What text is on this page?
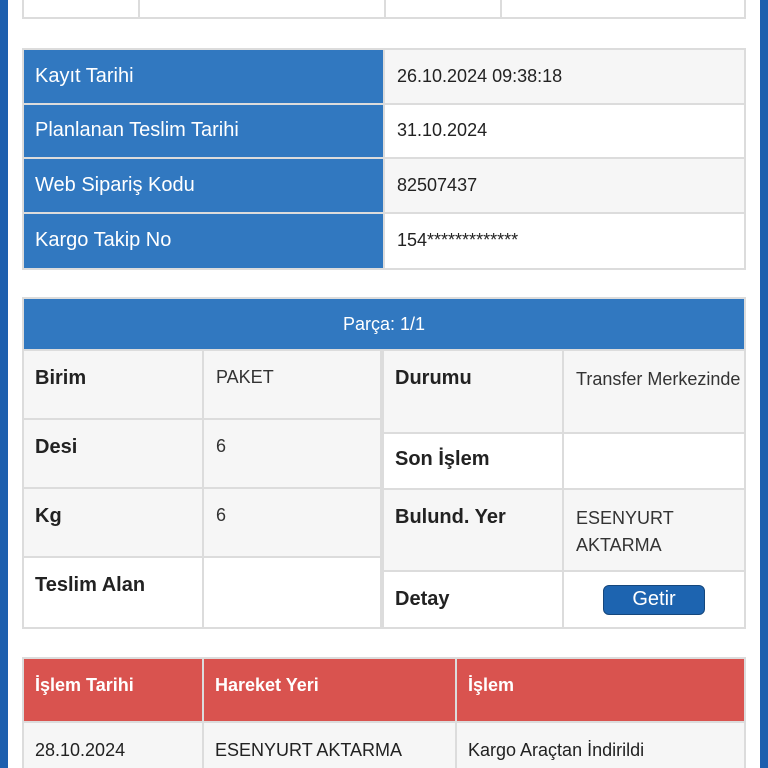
Kayıt Tarihi	26.10.2024 09:38:18
Planlanan Teslim Tarihi	31.10.2024
Web Sipariş Kodu	82507437
Kargo Takip No	154*************
Parça: 1/1
Birim	PAKET
Desi	6
Kg	6
Teslim Alan
Durumu	Transfer Merkezinde
Son İşlem
Bulund. Yer	ESENYURT AKTARMA
Detay	Getir
İşlem Tarihi	Hareket Yeri	İşlem
28.10.2024	ESENYURT AKTARMA	Kargo Araçtan İndirildi
